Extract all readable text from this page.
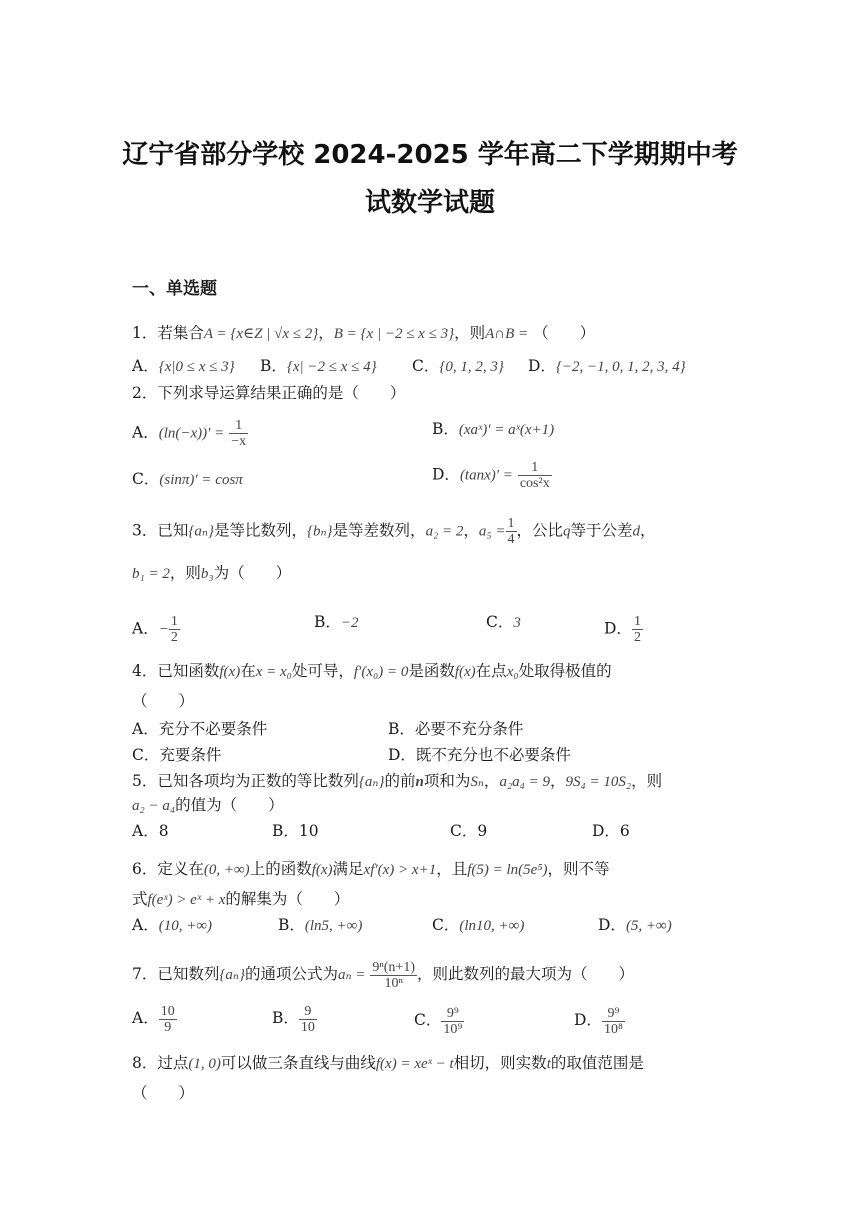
辽宁省部分学校 2024-2025 学年高二下学期期中考
试数学试题
一、单选题
1．若集合A = {x∈Z | √x ≤ 2}，B = {x | −2 ≤ x ≤ 3}，则A∩B = （　　）
A．{x|0 ≤ x ≤ 3} B．{x| −2 ≤ x ≤ 4} C．{0, 1, 2, 3} D．{−2, −1, 0, 1, 2, 3, 4}
2．下列求导运算结果正确的是（　　）
A．$(\ln(-x))' = \frac{1}{-x}$	B．(xaˣ)′ = aˣ(x+1)
C．(sinπ)′ = cosπ	D．$(\tan x)' = \frac{1}{\text{cos²x}}$
3．已知{aₙ}是等比数列，{bₙ}是等差数列，a₂ = 2，$a_5 = \frac{1}{4}$ ，公比q等于公差d，
b₁ = 2，则b₃为（　　）
A．− $\frac{1}{2}$	B．−2	C．3	D． $\frac{1}{2}$
4．已知函数f(x)在x = x₀处可导，f′(x₀) = 0是函数f(x)在点x₀处取得极值的
（　　）
A．充分不必要条件	B．必要不充分条件
C．充要条件	D．既不充分也不必要条件
5．已知各项均为正数的等比数列{aₙ}的前n项和为Sₙ，a₂a₄ = 9，9S₄ = 10S₂，则
a₂ − a₄的值为（　　）
A．8	B．10	C．9	D．6
6．定义在(0, +∞)上的函数f(x)满足xf′(x) > x+1，且f(5) = ln(5e⁵)，则不等
式f(eˣ) > eˣ + x的解集为（　　）
A．(10, +∞)	B．(ln5, +∞)	C．(ln10, +∞)	D．(5, +∞)
7．已知数列{aₙ}的通项公式为$a_n = \frac{\text{9ⁿ(n+1)}}{\text{10ⁿ}}$ ，则此数列的最大项为（　　）
A． $\frac{10}{9}$	B． $\frac{9}{10}$	C． $\frac{\text{9⁹}}{\text{10⁹}}$	D． $\frac{\text{9⁹}}{\text{10⁸}}$
8．过点(1, 0)可以做三条直线与曲线f(x) = xeˣ − t相切，则实数t的取值范围是
（　　）
